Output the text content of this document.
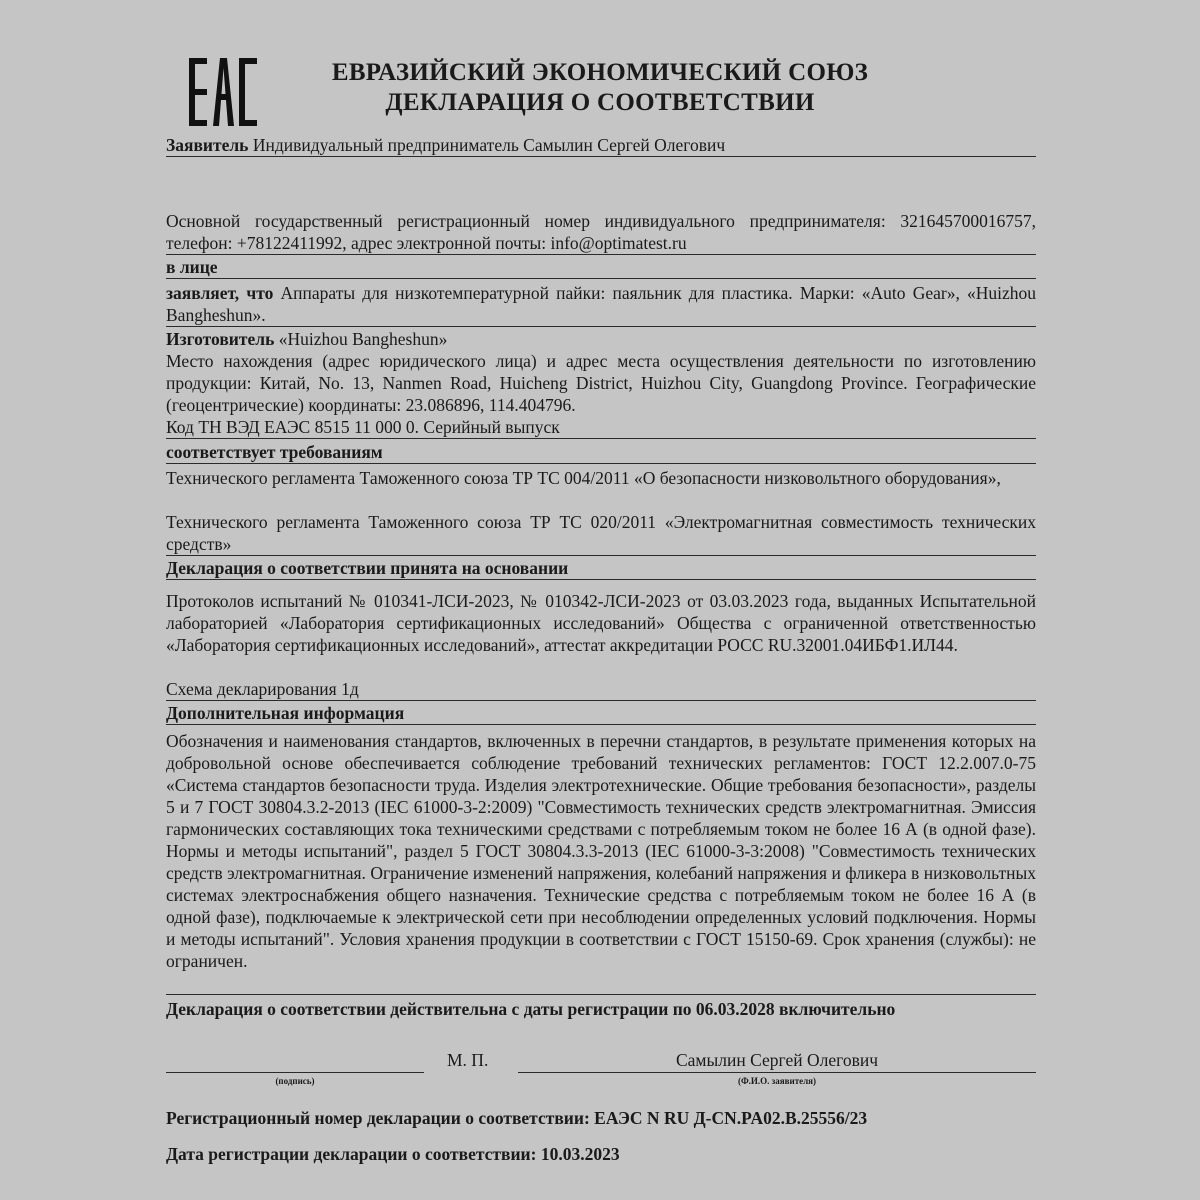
ЕВРАЗИЙСКИЙ ЭКОНОМИЧЕСКИЙ СОЮЗ
ДЕКЛАРАЦИЯ О СООТВЕТСТВИИ
Заявитель Индивидуальный предприниматель Самылин Сергей Олегович
Основной государственный регистрационный номер индивидуального предпринимателя: 321645700016757, телефон: +78122411992, адрес электронной почты: info@optimatest.ru
в лице
заявляет, что Аппараты для низкотемпературной пайки: паяльник для пластика. Марки: «Auto Gear», «Huizhou Bangheshun».
Изготовитель «Huizhou Bangheshun»
Место нахождения (адрес юридического лица) и адрес места осуществления деятельности по изготовлению продукции: Китай, No. 13, Nanmen Road, Huicheng District, Huizhou City, Guangdong Province. Географические (геоцентрические) координаты: 23.086896, 114.404796.
Код ТН ВЭД ЕАЭС 8515 11 000 0. Серийный выпуск
соответствует требованиям
Технического регламента Таможенного союза ТР ТС 004/2011 «О безопасности низковольтного оборудования»,
Технического регламента Таможенного союза ТР ТС 020/2011 «Электромагнитная совместимость технических средств»
Декларация о соответствии принята на основании
Протоколов испытаний № 010341-ЛСИ-2023, № 010342-ЛСИ-2023 от 03.03.2023 года, выданных Испытательной лабораторией «Лаборатория сертификационных исследований» Общества с ограниченной ответственностью «Лаборатория сертификационных исследований», аттестат аккредитации РОСС RU.32001.04ИБФ1.ИЛ44.
Схема декларирования 1д
Дополнительная информация
Обозначения и наименования стандартов, включенных в перечни стандартов, в результате применения которых на добровольной основе обеспечивается соблюдение требований технических регламентов: ГОСТ 12.2.007.0-75 «Система стандартов безопасности труда. Изделия электротехнические. Общие требования безопасности», разделы 5 и 7 ГОСТ 30804.3.2-2013 (IEC 61000-3-2:2009) "Совместимость технических средств электромагнитная. Эмиссия гармонических составляющих тока техническими средствами с потребляемым током не более 16 А (в одной фазе). Нормы и методы испытаний", раздел 5 ГОСТ 30804.3.3-2013 (IEC 61000-3-3:2008) "Совместимость технических средств электромагнитная. Ограничение изменений напряжения, колебаний напряжения и фликера в низковольтных системах электроснабжения общего назначения. Технические средства с потребляемым током не более 16 А (в одной фазе), подключаемые к электрической сети при несоблюдении определенных условий подключения. Нормы и методы испытаний". Условия хранения продукции в соответствии с ГОСТ 15150-69. Срок хранения (службы): не ограничен.
Декларация о соответствии действительна с даты регистрации по 06.03.2028 включительно
(подпись)
М. П.	Самылин Сергей Олегович
(Ф.И.О. заявителя)
Регистрационный номер декларации о соответствии: ЕАЭС N RU Д-CN.PA02.B.25556/23
Дата регистрации декларации о соответствии: 10.03.2023
